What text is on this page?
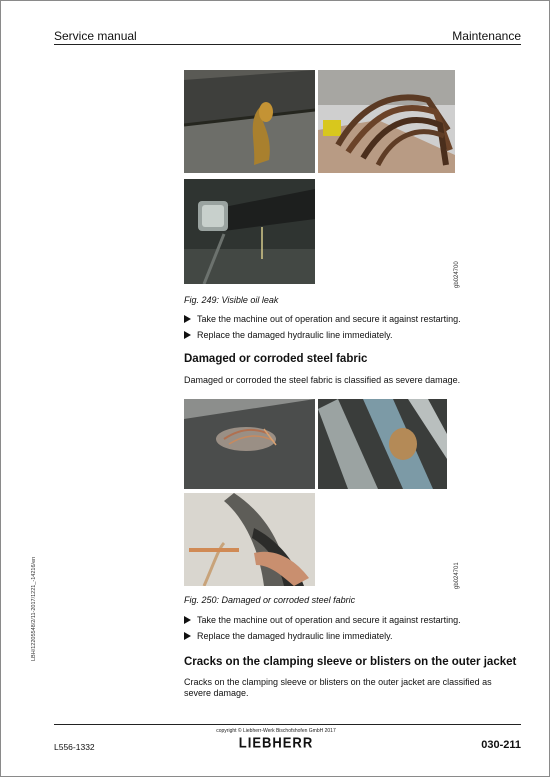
Service manual	Maintenance
LBH/12205548/2/11-2017/1221_-14216/en
gb024700
Fig. 249: Visible oil leak
Take the machine out of operation and secure it against restarting.
Replace the damaged hydraulic line immediately.
Damaged or corroded steel fabric
Damaged or corroded the steel fabric is classified as severe damage.
gb024701
Fig. 250: Damaged or corroded steel fabric
Take the machine out of operation and secure it against restarting.
Replace the damaged hydraulic line immediately.
Cracks on the clamping sleeve or blisters on the outer jacket
Cracks on the clamping sleeve or blisters on the outer jacket are classified as severe damage.
copyright © Liebherr-Werk Bischofshofen GmbH 2017
LIEBHERR
L556-1332	030-211
